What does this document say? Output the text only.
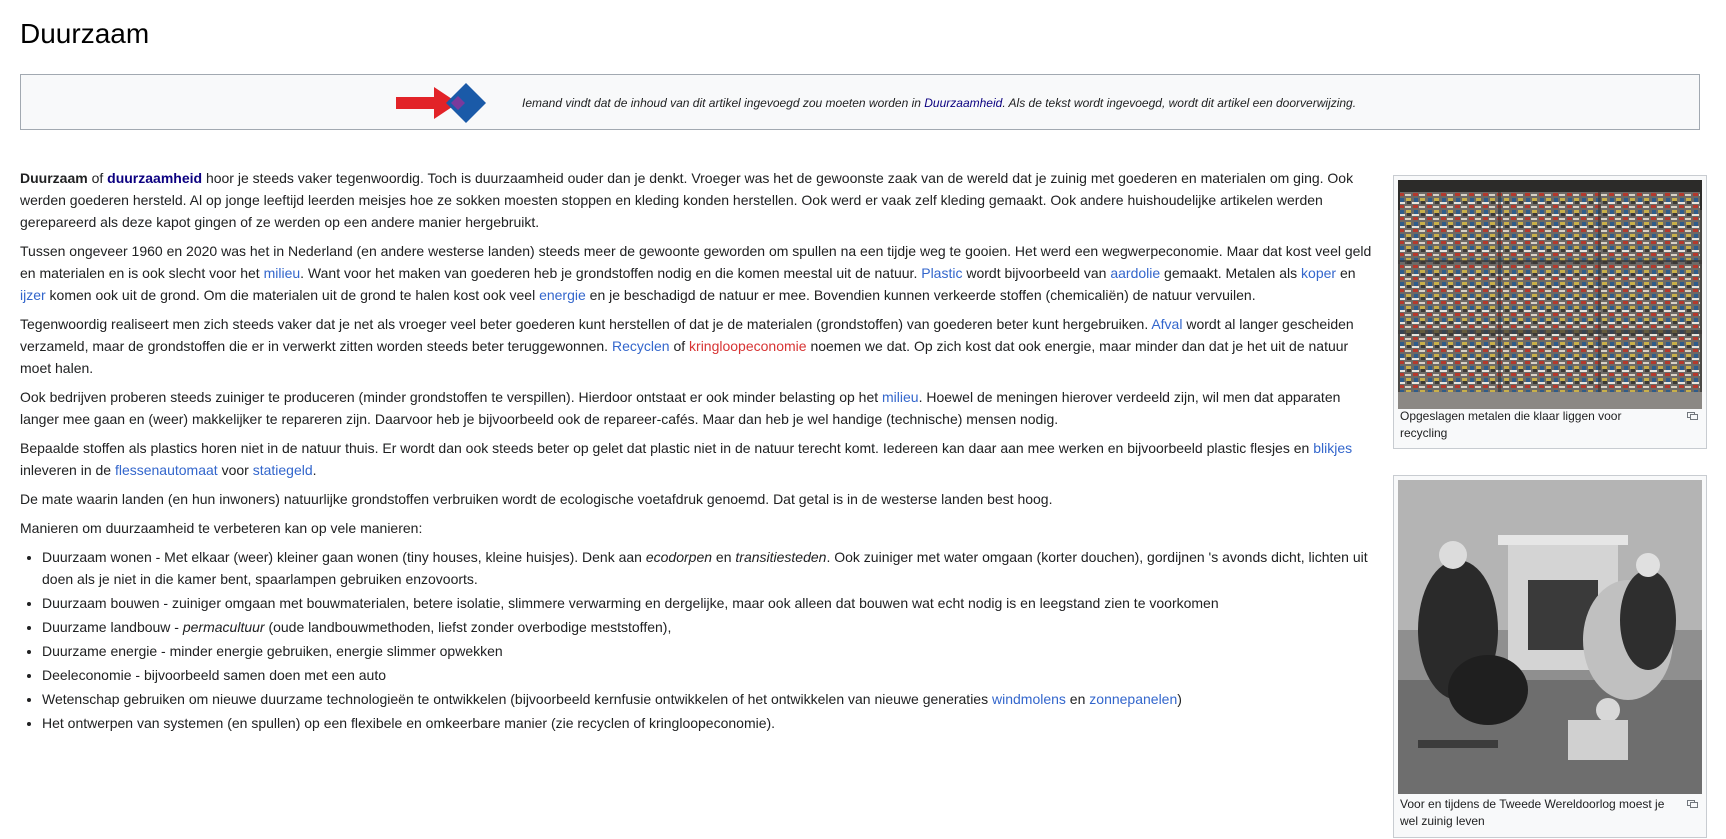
Duurzaam
Iemand vindt dat de inhoud van dit artikel ingevoegd zou moeten worden in Duurzaamheid. Als de tekst wordt ingevoegd, wordt dit artikel een doorverwijzing.

Duurzaam of duurzaamheid hoor je steeds vaker tegenwoordig. Toch is duurzaamheid ouder dan je denkt. Vroeger was het de gewoonste zaak van de wereld dat je zuinig met goederen en materialen om ging. Ook werden goederen hersteld. Al op jonge leeftijd leerden meisjes hoe ze sokken moesten stoppen en kleding konden herstellen. Ook werd er vaak zelf kleding gemaakt. Ook andere huishoudelijke artikelen werden gerepareerd als deze kapot gingen of ze werden op een andere manier hergebruikt.

Tussen ongeveer 1960 en 2020 was het in Nederland (en andere westerse landen) steeds meer de gewoonte geworden om spullen na een tijdje weg te gooien. Het werd een wegwerpeconomie. Maar dat kost veel geld en materialen en is ook slecht voor het milieu. Want voor het maken van goederen heb je grondstoffen nodig en die komen meestal uit de natuur. Plastic wordt bijvoorbeeld van aardolie gemaakt. Metalen als koper en ijzer komen ook uit de grond. Om die materialen uit de grond te halen kost ook veel energie en je beschadigd de natuur er mee. Bovendien kunnen verkeerde stoffen (chemicaliën) de natuur vervuilen.

Tegenwoordig realiseert men zich steeds vaker dat je net als vroeger veel beter goederen kunt herstellen of dat je de materialen (grondstoffen) van goederen beter kunt hergebruiken. Afval wordt al langer gescheiden verzameld, maar de grondstoffen die er in verwerkt zitten worden steeds beter teruggewonnen. Recyclen of kringloopeconomie noemen we dat. Op zich kost dat ook energie, maar minder dan dat je het uit de natuur moet halen.

Ook bedrijven proberen steeds zuiniger te produceren (minder grondstoffen te verspillen). Hierdoor ontstaat er ook minder belasting op het milieu. Hoewel de meningen hierover verdeeld zijn, wil men dat apparaten langer mee gaan en (weer) makkelijker te repareren zijn. Daarvoor heb je bijvoorbeeld ook de repareer-cafés. Maar dan heb je wel handige (technische) mensen nodig.

Bepaalde stoffen als plastics horen niet in de natuur thuis. Er wordt dan ook steeds beter op gelet dat plastic niet in de natuur terecht komt. Iedereen kan daar aan mee werken en bijvoorbeeld plastic flesjes en blikjes inleveren in de flessenautomaat voor statiegeld.

De mate waarin landen (en hun inwoners) natuurlijke grondstoffen verbruiken wordt de ecologische voetafdruk genoemd. Dat getal is in de westerse landen best hoog.

Manieren om duurzaamheid te verbeteren kan op vele manieren:

• Duurzaam wonen - Met elkaar (weer) kleiner gaan wonen (tiny houses, kleine huisjes). Denk aan ecodorpen en transitiesteden. Ook zuiniger met water omgaan (korter douchen), gordijnen 's avonds dicht, lichten uit doen als je niet in die kamer bent, spaarlampen gebruiken enzovoorts.
• Duurzaam bouwen - zuiniger omgaan met bouwmaterialen, betere isolatie, slimmere verwarming en dergelijke, maar ook alleen dat bouwen wat echt nodig is en leegstand zien te voorkomen
• Duurzame landbouw - permacultuur (oude landbouwmethoden, liefst zonder overbodige meststoffen),
• Duurzame energie - minder energie gebruiken, energie slimmer opwekken
• Deeleconomie - bijvoorbeeld samen doen met een auto
• Wetenschap gebruiken om nieuwe duurzame technologieën te ontwikkelen (bijvoorbeeld kernfusie ontwikkelen of het ontwikkelen van nieuwe generaties windmolens en zonnepanelen)
• Het ontwerpen van systemen (en spullen) op een flexibele en omkeerbare manier (zie recyclen of kringloopeconomie).
Opgeslagen metalen die klaar liggen voor recycling
Voor en tijdens de Tweede Wereldoorlog moest je wel zuinig leven
